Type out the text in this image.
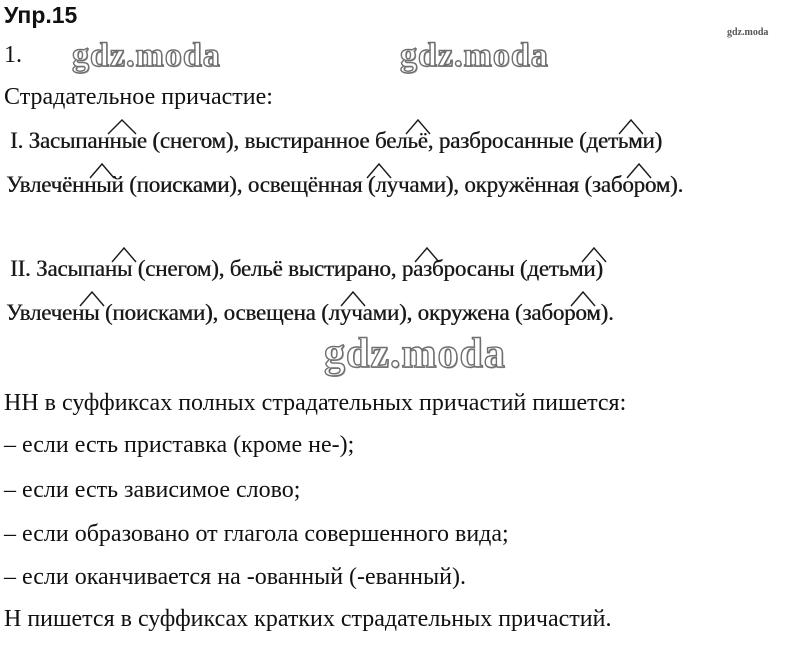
Упр.15
gdz.moda
gdz.moda	gdz.moda
1.
Страдательное причастие:
I. Засыпанные (снегом), выстиранное бельё, разбросанные (детьми)
Увлечённый (поисками), освещённая (лучами), окружённая (забором).
II. Засыпаны (снегом), бельё выстирано, разбросаны (детьми)
Увлечены (поисками), освещена (лучами), окружена (забором).
gdz.moda
НН в суффиксах полных страдательных причастий пишется:
– если есть приставка (кроме не-);
– если есть зависимое слово;
– если образовано от глагола совершенного вида;
– если оканчивается на -ованный (-еванный).
Н пишется в суффиксах кратких страдательных причастий.
